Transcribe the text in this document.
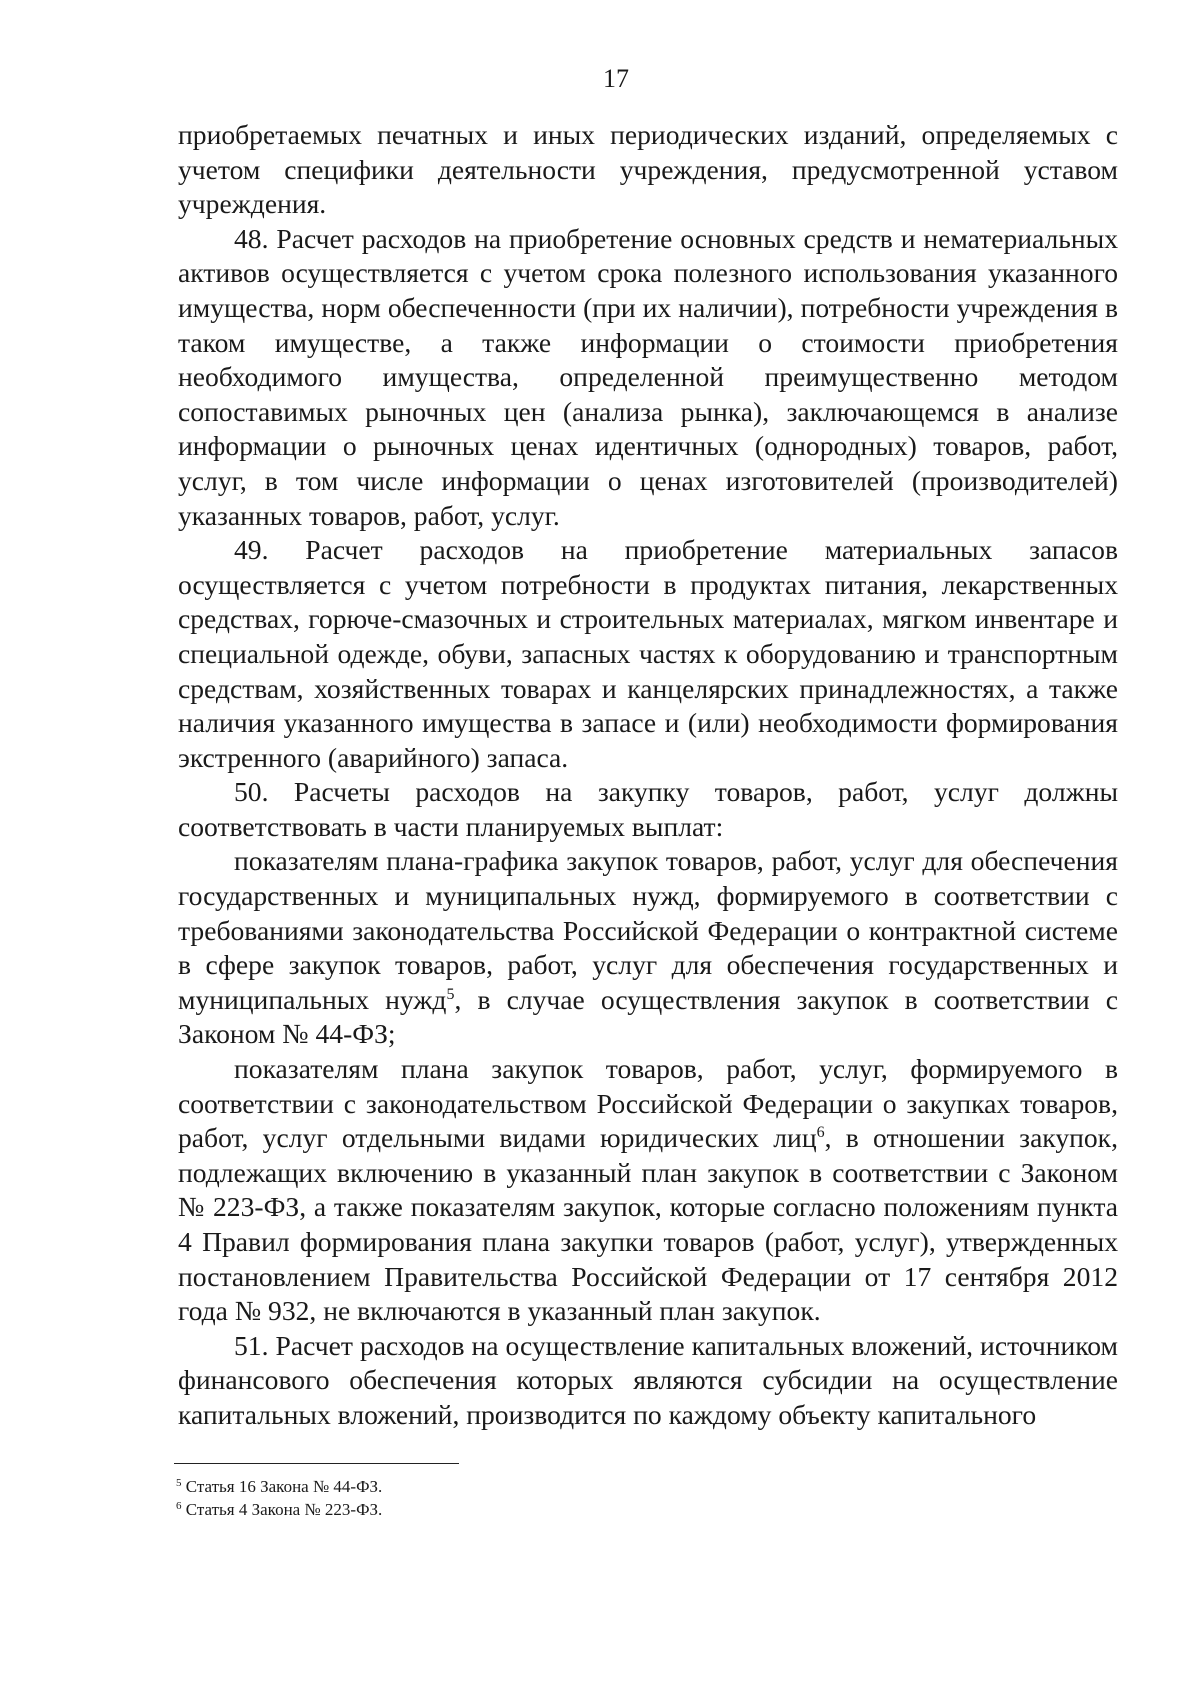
17

приобретаемых печатных и иных периодических изданий, определяемых с учетом специфики деятельности учреждения, предусмотренной уставом учреждения.

48. Расчет расходов на приобретение основных средств и нематериальных активов осуществляется с учетом срока полезного использования указанного имущества, норм обеспеченности (при их наличии), потребности учреждения в таком имуществе, а также информации о стоимости приобретения необходимого имущества, определенной преимущественно методом сопоставимых рыночных цен (анализа рынка), заключающемся в анализе информации о рыночных ценах идентичных (однородных) товаров, работ, услуг, в том числе информации о ценах изготовителей (производителей) указанных товаров, работ, услуг.

49. Расчет расходов на приобретение материальных запасов осуществляется с учетом потребности в продуктах питания, лекарственных средствах, горюче-смазочных и строительных материалах, мягком инвентаре и специальной одежде, обуви, запасных частях к оборудованию и транспортным средствам, хозяйственных товарах и канцелярских принадлежностях, а также наличия указанного имущества в запасе и (или) необходимости формирования экстренного (аварийного) запаса.

50. Расчеты расходов на закупку товаров, работ, услуг должны соответствовать в части планируемых выплат:

показателям плана-графика закупок товаров, работ, услуг для обеспечения государственных и муниципальных нужд, формируемого в соответствии с требованиями законодательства Российской Федерации о контрактной системе в сфере закупок товаров, работ, услуг для обеспечения государственных и муниципальных нужд$^5$, в случае осуществления закупок в соответствии с Законом № 44-ФЗ;

показателям плана закупок товаров, работ, услуг, формируемого в соответствии с законодательством Российской Федерации о закупках товаров, работ, услуг отдельными видами юридических лиц$^6$, в отношении закупок, подлежащих включению в указанный план закупок в соответствии с Законом № 223-ФЗ, а также показателям закупок, которые согласно положениям пункта 4 Правил формирования плана закупки товаров (работ, услуг), утвержденных постановлением Правительства Российской Федерации от 17 сентября 2012 года № 932, не включаются в указанный план закупок.

51. Расчет расходов на осуществление капитальных вложений, источником финансового обеспечения которых являются субсидии на осуществление капитальных вложений, производится по каждому объекту капитального

$^5$ Статья 16 Закона № 44-ФЗ.
$^6$ Статья 4 Закона № 223-ФЗ.
